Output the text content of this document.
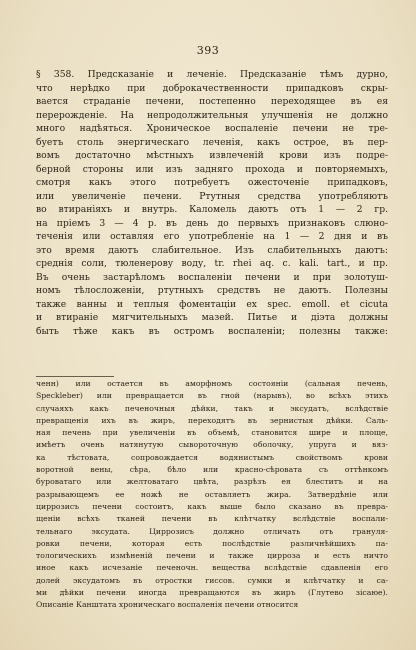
393
§ 358. Предсказаніе и леченіе. Предсказаніе тѣмъ дурно,
что нерѣдко при доброкачественности припадковъ скры-
вается страданіе печени, постепенно переходящее въ ея
перерожденіе. На непродолжительныя улучшенія не должно
много надѣяться. Хроническое воспаленіе печени не тре-
буетъ столь энергическаго леченія, какъ острое, въ пер-
вомъ достаточно мѣстныхъ извлеченій крови изъ подре-
берной стороны или изъ задняго прохода и повторяемыхъ,
смотря какъ этого потребуетъ ожесточеніе припадковъ,
или увеличеніе печени. Ртутныя средства употребляютъ
во втираніяхъ и внутрь. Каломель даютъ отъ 1 — 2 гр.
на пріемъ 3 — 4 р. въ день до первыхъ признаковъ слюно-
теченія или оставляя его употребленіе на 1 — 2 дня и въ
это время даютъ слабительное. Изъ слабительныхъ даютъ:
среднія соли, тюленерову воду, tr. rhei aq. c. kali. tart., и пр.
Въ очень застарѣломъ воспаленіи печени и при золотуш-
номъ тѣлосложеніи, ртутныхъ средствъ не даютъ. Полезны
также ванны и теплыя фоментаціи ex spec. emoll. et cicuta
и втираніе мягчительныхъ мазей. Питье и діэта должны
быть тѣже какъ въ остромъ воспаленіи; полезны также:
ченн) или остается въ аморфномъ состояніи (сальная печень,
Speckleber) или превращается въ гной (нарывъ), во всѣхъ этихъ
случаяхъ какъ печеночныя дѣйки, такъ и эксудатъ, вслѣдствіе
превращенія ихъ въ жиръ, переходятъ въ зернистыя дѣйки. Саль-
ная печень при увеличеніи въ объемѣ, становится шире и площе,
имѣетъ очень натянутую сывороточную оболочку, упруга и вяз-
ка тѣстовата, сопровождается водянистымъ свойствомъ крови
воротной вены, сѣра, бѣло или красно-сѣровата съ оттѣнкомъ
буроватаго или желтоватаго цвѣта, разрѣзъ ея блеститъ и на
разрывающемъ ее ножѣ не оставляетъ жира. Затвердѣніе или
циррозисъ печени состоитъ, какъ выше было сказано въ превра-
щеніи всѣхъ тканей печени въ клѣтчатку вслѣдствіе воспали-
тельнаго эксудата. Циррозисъ должно отличать отъ грануля-
ровки печени, которая есть послѣдствіе различнѣйшихъ па-
тологическихъ измѣненій печени и также цирроза и есть ничто
иное какъ исчезаніе печеночн. вещества вслѣдствіе сдавленія его
долей эксудатомъ въ отростки гиссов. сумки и клѣтчатку и са-
ми дѣйки печени иногда превращаются въ жиръ (Глутево зісаюе).
Описаніе Канштата хроническаго воспаленія печени относится
